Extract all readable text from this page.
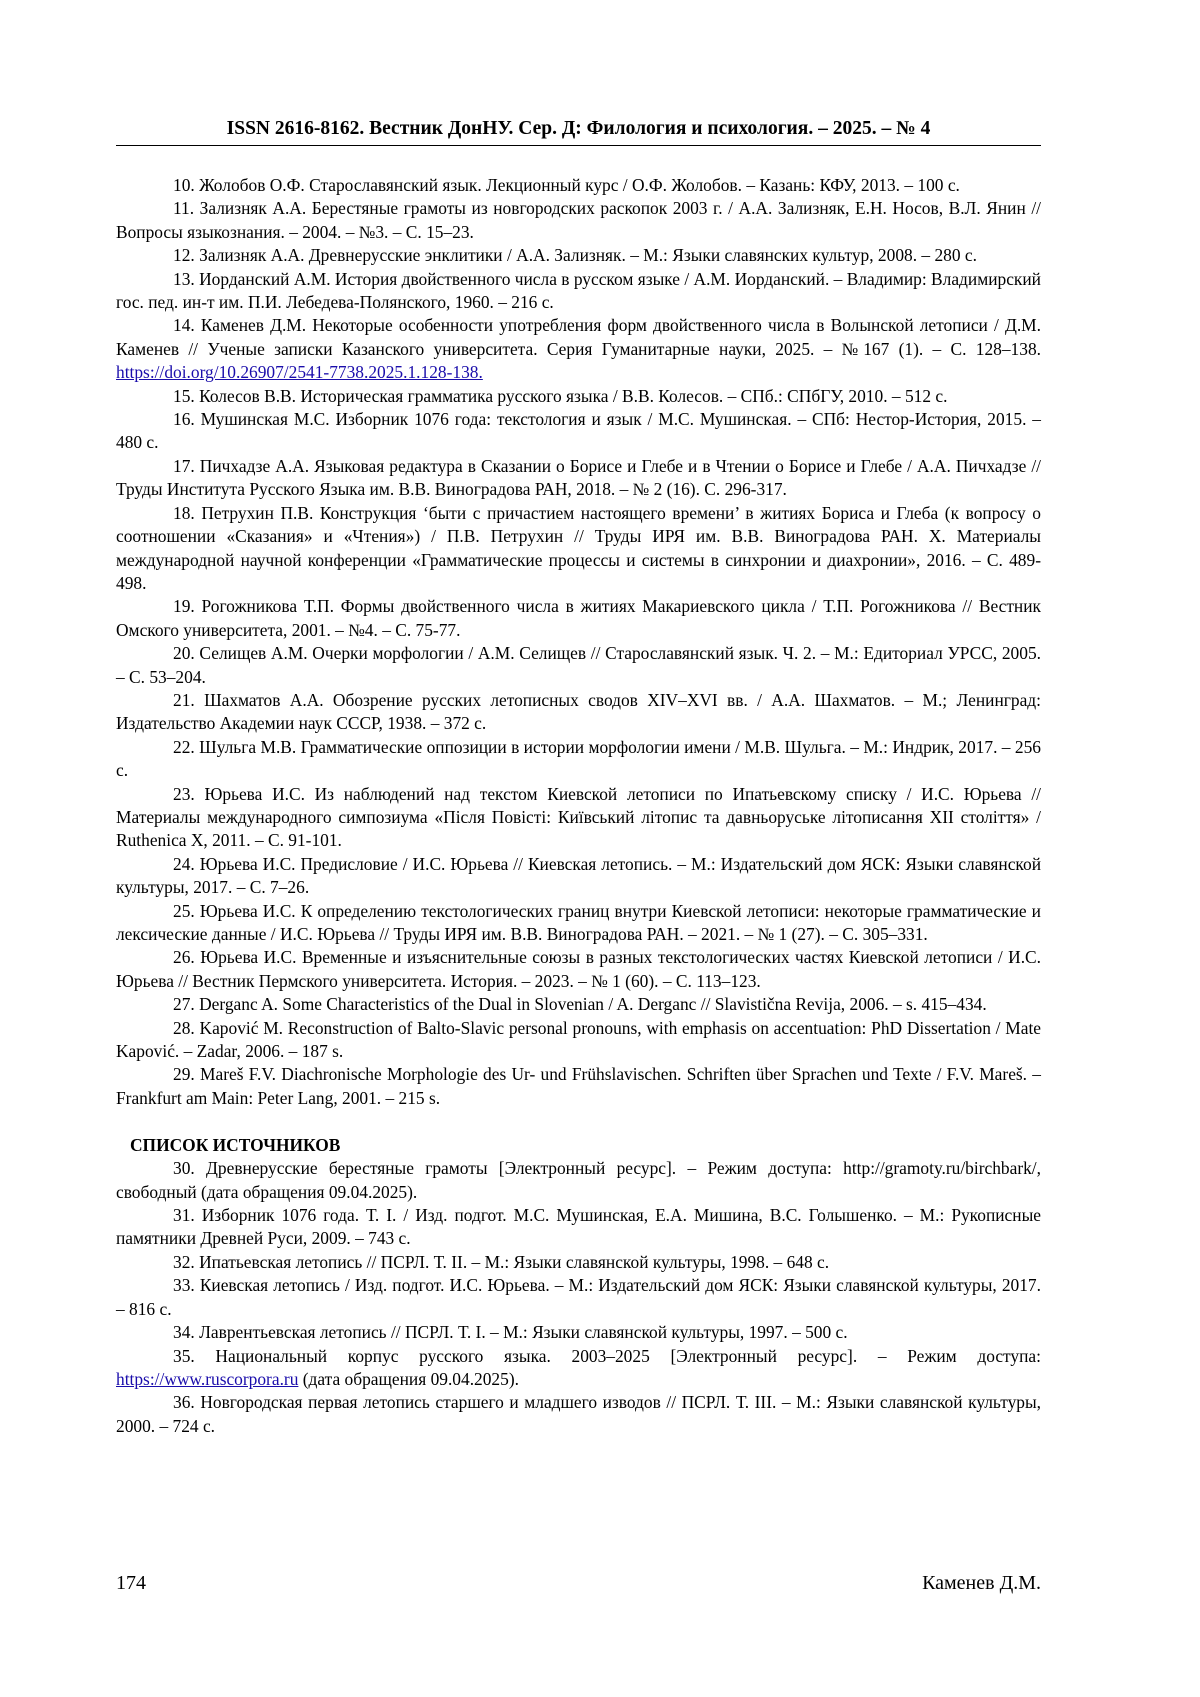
ISSN 2616-8162. Вестник ДонНУ. Сер. Д: Филология и психология. – 2025. – № 4

10. Жолобов О.Ф. Старославянский язык. Лекционный курс / О.Ф. Жолобов. – Казань: КФУ, 2013. – 100 с.

11. Зализняк А.А. Берестяные грамоты из новгородских раскопок 2003 г. / А.А. Зализняк, Е.Н. Носов, В.Л. Янин // Вопросы языкознания. – 2004. – №3. – С. 15–23.

12. Зализняк А.А. Древнерусские энклитики / А.А. Зализняк. – М.: Языки славянских культур, 2008. – 280 с.

13. Иорданский А.М. История двойственного числа в русском языке / А.М. Иорданский. – Владимир: Владимирский гос. пед. ин-т им. П.И. Лебедева-Полянского, 1960. – 216 с.

14. Каменев Д.М. Некоторые особенности употребления форм двойственного числа в Волынской летописи / Д.М. Каменев // Ученые записки Казанского университета. Серия Гуманитарные науки, 2025. – №167 (1). – С. 128–138. https://doi.org/10.26907/2541-7738.2025.1.128-138.

15. Колесов В.В. Историческая грамматика русского языка / В.В. Колесов. – СПб.: СПбГУ, 2010. – 512 с.

16. Мушинская М.С. Изборник 1076 года: текстология и язык / М.С. Мушинская. – СПб: Нестор-История, 2015. – 480 с.

17. Пичхадзе А.А. Языковая редактура в Сказании о Борисе и Глебе и в Чтении о Борисе и Глебе / А.А. Пичхадзе // Труды Института Русского Языка им. В.В. Виноградова РАН, 2018. – № 2 (16). С. 296-317.

18. Петрухин П.В. Конструкция ‘быти с причастием настоящего времени’ в житиях Бориса и Глеба (к вопросу о соотношении «Сказания» и «Чтения») / П.В. Петрухин // Труды ИРЯ им. В.В. Виноградова РАН. X. Материалы международной научной конференции «Грамматические процессы и системы в синхронии и диахронии», 2016. – С. 489-498.

19. Рогожникова Т.П. Формы двойственного числа в житиях Макариевского цикла / Т.П. Рогожникова // Вестник Омского университета, 2001. – №4. – С. 75-77.

20. Селищев А.М. Очерки морфологии / А.М. Селищев // Старославянский язык. Ч. 2. – М.: Едиториал УРСС, 2005. – С. 53–204.

21. Шахматов А.А. Обозрение русских летописных сводов XIV–XVI вв. / А.А. Шахматов. – М.; Ленинград: Издательство Академии наук СССР, 1938. – 372 с.

22. Шульга М.В. Грамматические оппозиции в истории морфологии имени / М.В. Шульга. – М.: Индрик, 2017. – 256 с.

23. Юрьева И.С. Из наблюдений над текстом Киевской летописи по Ипатьевскому списку / И.С. Юрьева // Материалы международного симпозиума «Після Повісті: Київський літопис та давньоруське літописання XII століття» / Ruthenica X, 2011. – С. 91-101.

24. Юрьева И.С. Предисловие / И.С. Юрьева // Киевская летопись. – М.: Издательский дом ЯСК: Языки славянской культуры, 2017. – С. 7–26.

25. Юрьева И.С. К определению текстологических границ внутри Киевской летописи: некоторые грамматические и лексические данные / И.С. Юрьева // Труды ИРЯ им. В.В. Виноградова РАН. – 2021. – № 1 (27). – С. 305–331.

26. Юрьева И.С. Временные и изъяснительные союзы в разных текстологических частях Киевской летописи / И.С. Юрьева // Вестник Пермского университета. История. – 2023. – № 1 (60). – С. 113–123.

27. Derganc A. Some Characteristics of the Dual in Slovenian / A. Derganc // Slavistična Revija, 2006. – s. 415–434.

28. Kapović M. Reconstruction of Balto-Slavic personal pronouns, with emphasis on accentuation: PhD Dissertation / Mate Kapović. – Zadar, 2006. – 187 s.

29. Mareš F.V. Diachronische Morphologie des Ur- und Frühslavischen. Schriften über Sprachen und Texte / F.V. Mareš. – Frankfurt am Main: Peter Lang, 2001. – 215 s.

СПИСОК ИСТОЧНИКОВ

30. Древнерусские берестяные грамоты [Электронный ресурс]. – Режим доступа: http://gramoty.ru/birchbark/, свободный (дата обращения 09.04.2025).

31. Изборник 1076 года. Т. I. / Изд. подгот. М.С. Мушинская, Е.А. Мишина, В.С. Голышенко. – М.: Рукописные памятники Древней Руси, 2009. – 743 с.

32. Ипатьевская летопись // ПСРЛ. Т. II. – М.: Языки славянской культуры, 1998. – 648 с.

33. Киевская летопись / Изд. подгот. И.С. Юрьева. – М.: Издательский дом ЯСК: Языки славянской культуры, 2017. – 816 с.

34. Лаврентьевская летопись // ПСРЛ. Т. I. – М.: Языки славянской культуры, 1997. – 500 с.

35. Национальный корпус русского языка. 2003–2025 [Электронный ресурс]. – Режим доступа: https://www.ruscorpora.ru (дата обращения 09.04.2025).

36. Новгородская первая летопись старшего и младшего изводов // ПСРЛ. Т. III. – М.: Языки славянской культуры, 2000. – 724 с.

174	Каменев Д.М.
